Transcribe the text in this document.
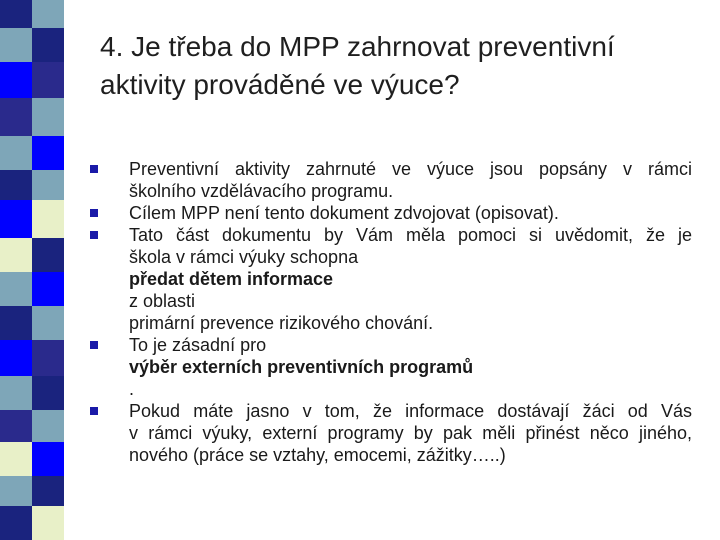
4. Je třeba do MPP zahrnovat preventivní
aktivity prováděné ve výuce?
Preventivní aktivity zahrnuté ve výuce jsou popsány v rámci
školního vzdělávacího programu.
Cílem MPP není tento dokument zdvojovat (opisovat).
Tato část dokumentu by Vám měla pomoci si uvědomit, že je
škola v rámci výuky schopna
předat dětem informace
z oblasti
primární prevence rizikového chování.
To je zásadní pro
výběr externích preventivních programů
.
Pokud máte jasno v tom, že informace dostávají žáci od Vás
v rámci výuky, externí programy by pak měli přinést něco jiného,
nového (práce se vztahy, emocemi, zážitky…..)
